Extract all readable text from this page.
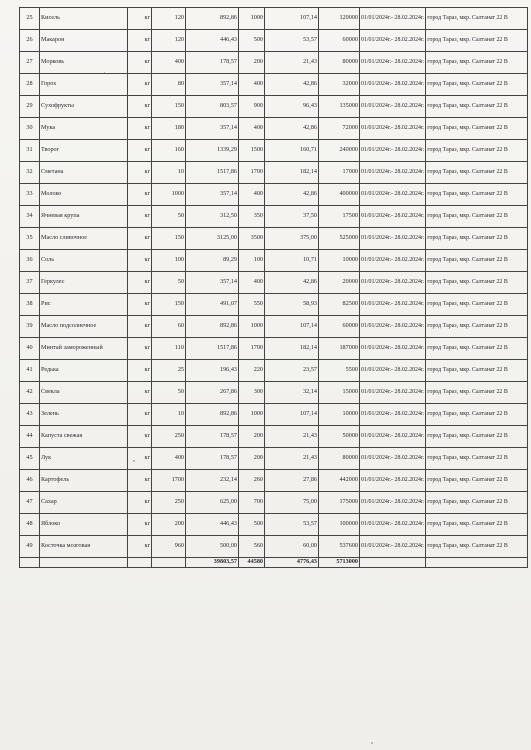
25	Кисель	кг	120	892,86	1000	107,14	120000	01/01/2024г.- 28.02.2024г.	город Тараз, мкр. Салтанат 22 В
26	Макарон	кг	120	446,43	500	53,57	60000	01/01/2024г.- 28.02.2024г.	город Тараз, мкр. Салтанат 22 В
27	Морковь	кг	400	178,57	200	21,43	80000	01/01/2024г.- 28.02.2024г.	город Тараз, мкр. Салтанат 22 В
28	Горох	кг	80	357,14	400	42,86	32000	01/01/2024г.- 28.02.2024г.	город Тараз, мкр. Салтанат 22 В
29	Сухофрукты	кг	150	803,57	900	96,43	135000	01/01/2024г.- 28.02.2024г.	город Тараз, мкр. Салтанат 22 В
30	Мука	кг	180	357,14	400	42,86	72000	01/01/2024г.- 28.02.2024г.	город Тараз, мкр. Салтанат 22 В
31	Творог	кг	160	1339,29	1500	160,71	240000	01/01/2024г.- 28.02.2024г.	город Тараз, мкр. Салтанат 22 В
32	Сметана	кг	10	1517,86	1700	182,14	17000	01/01/2024г.- 28.02.2024г.	город Тараз, мкр. Салтанат 22 В
33	Молоко	кг	1000	357,14	400	42,86	400000	01/01/2024г.- 28.02.2024г.	город Тараз, мкр. Салтанат 22 В
34	Ячневая крупа	кг	50	312,50	350	37,50	17500	01/01/2024г.- 28.02.2024г.	город Тараз, мкр. Салтанат 22 В
35	Масло сливочное	кг	150	3125,00	3500	375,00	525000	01/01/2024г.- 28.02.2024г.	город Тараз, мкр. Салтанат 22 В
36	Соль	кг	100	89,29	100	10,71	10000	01/01/2024г.- 28.02.2024г.	город Тараз, мкр. Салтанат 22 В
37	Геркулес	кг	50	357,14	400	42,86	20000	01/01/2024г.- 28.02.2024г.	город Тараз, мкр. Салтанат 22 В
38	Рис	кг	150	491,07	550	58,93	82500	01/01/2024г.- 28.02.2024г.	город Тараз, мкр. Салтанат 22 В
39	Масло подсолнечное	кг	60	892,86	1000	107,14	60000	01/01/2024г.- 28.02.2024г.	город Тараз, мкр. Салтанат 22 В
40	Минтай замороженный	кг	110	1517,86	1700	182,14	187000	01/01/2024г.- 28.02.2024г.	город Тараз, мкр. Салтанат 22 В
41	Редька	кг	25	196,43	220	23,57	5500	01/01/2024г.- 28.02.2024г.	город Тараз, мкр. Салтанат 22 В
42	Свекла	кг	50	267,86	300	32,14	15000	01/01/2024г.- 28.02.2024г.	город Тараз, мкр. Салтанат 22 В
43	Зелень	кг	10	892,86	1000	107,14	10000	01/01/2024г.- 28.02.2024г.	город Тараз, мкр. Салтанат 22 В
44	Капуста свежая	кг	250	178,57	200	21,43	50000	01/01/2024г.- 28.02.2024г.	город Тараз, мкр. Салтанат 22 В
45	Лук	кг	400	178,57	200	21,43	80000	01/01/2024г.- 28.02.2024г.	город Тараз, мкр. Салтанат 22 В
46	Картофель	кг	1700	232,14	260	27,86	442000	01/01/2024г.- 28.02.2024г.	город Тараз, мкр. Салтанат 22 В
47	Сахар	кг	250	625,00	700	75,00	175000	01/01/2024г.- 28.02.2024г.	город Тараз, мкр. Салтанат 22 В
48	Яблоко	кг	200	446,43	500	53,57	100000	01/01/2024г.- 28.02.2024г.	город Тараз, мкр. Салтанат 22 В
49	Косточка мозговая	кг	960	500,00	560	60,00	537600	01/01/2024г.- 28.02.2024г.	город Тараз, мкр. Салтанат 22 В
				39803,57	44580	4776,43	5713000		
